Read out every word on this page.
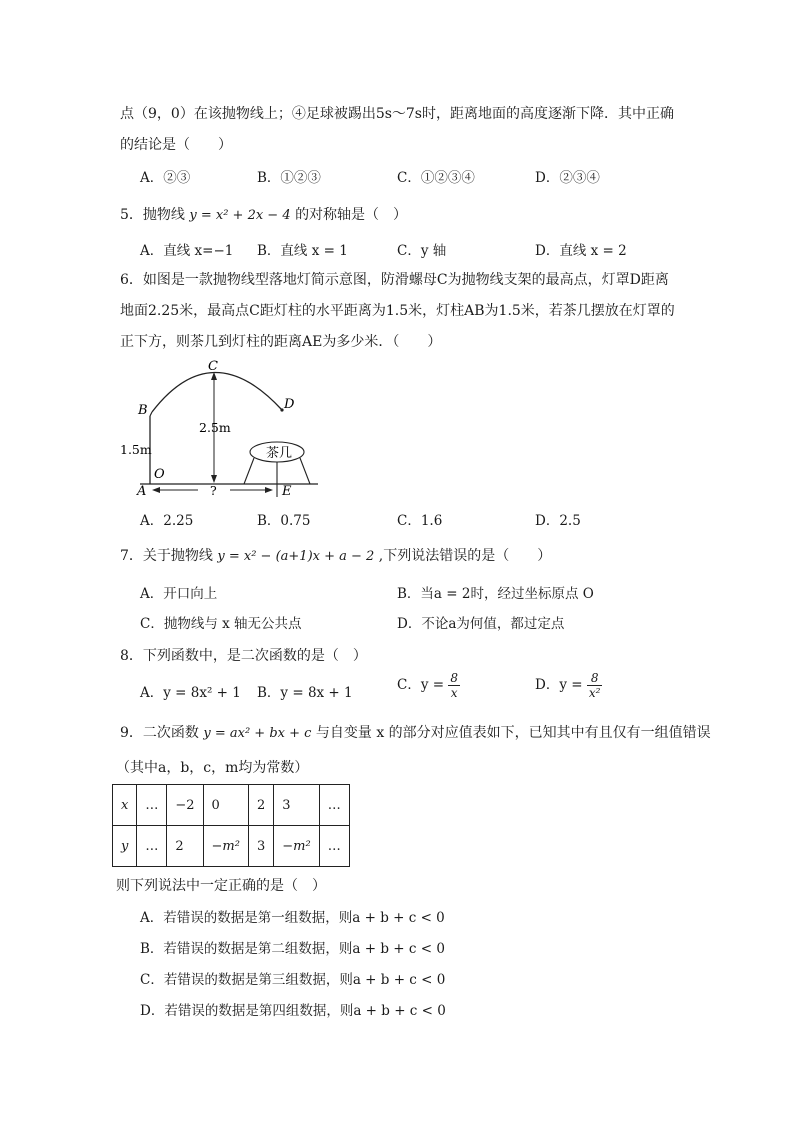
点（9，0）在该抛物线上；④足球被踢出5s～7s时，距离地面的高度逐渐下降．其中正确
的结论是（　　）
A．②③	B．①②③	C．①②③④	D．②③④
5．抛物线 y = x² + 2x − 4 的对称轴是（　）
A．直线 x=−1 B．直线 x = 1	C．y 轴	D．直线 x = 2
6．如图是一款抛物线型落地灯简示意图，防滑螺母C为抛物线支架的最高点，灯罩D距离
地面2.25米，最高点C距灯柱的水平距离为1.5米，灯柱AB为1.5米，若茶几摆放在灯罩的
正下方，则茶几到灯柱的距离AE为多少米．（　　）
C
B	D
O
A	E
2.5m
1.5m	茶几
?
A．2.25	B．0.75	C．1.6	D．2.5
7．关于抛物线 y = x² − (a+1)x + a − 2 ,下列说法错误的是（　　）
A．开口向上	B．当a = 2时，经过坐标原点 O
C．抛物线与 x 轴无公共点	D．不论a为何值，都过定点
8．下列函数中，是二次函数的是（　）
A．y = 8x² + 1 B．y = 8x + 1	C．$y = \frac{8}{x}$	D．$y = \frac{8}{\text{x²}}$
9．二次函数 y = ax² + bx + c 与自变量 x 的部分对应值表如下，已知其中有且仅有一组值错误
（其中a，b，c，m均为常数）
x	…	−2	0	2	3	…
y	…	2	−m²	3	−m²	…
则下列说法中一定正确的是（　）
A．若错误的数据是第一组数据，则a + b + c < 0
B．若错误的数据是第二组数据，则a + b + c < 0
C．若错误的数据是第三组数据，则a + b + c < 0
D．若错误的数据是第四组数据，则a + b + c < 0
